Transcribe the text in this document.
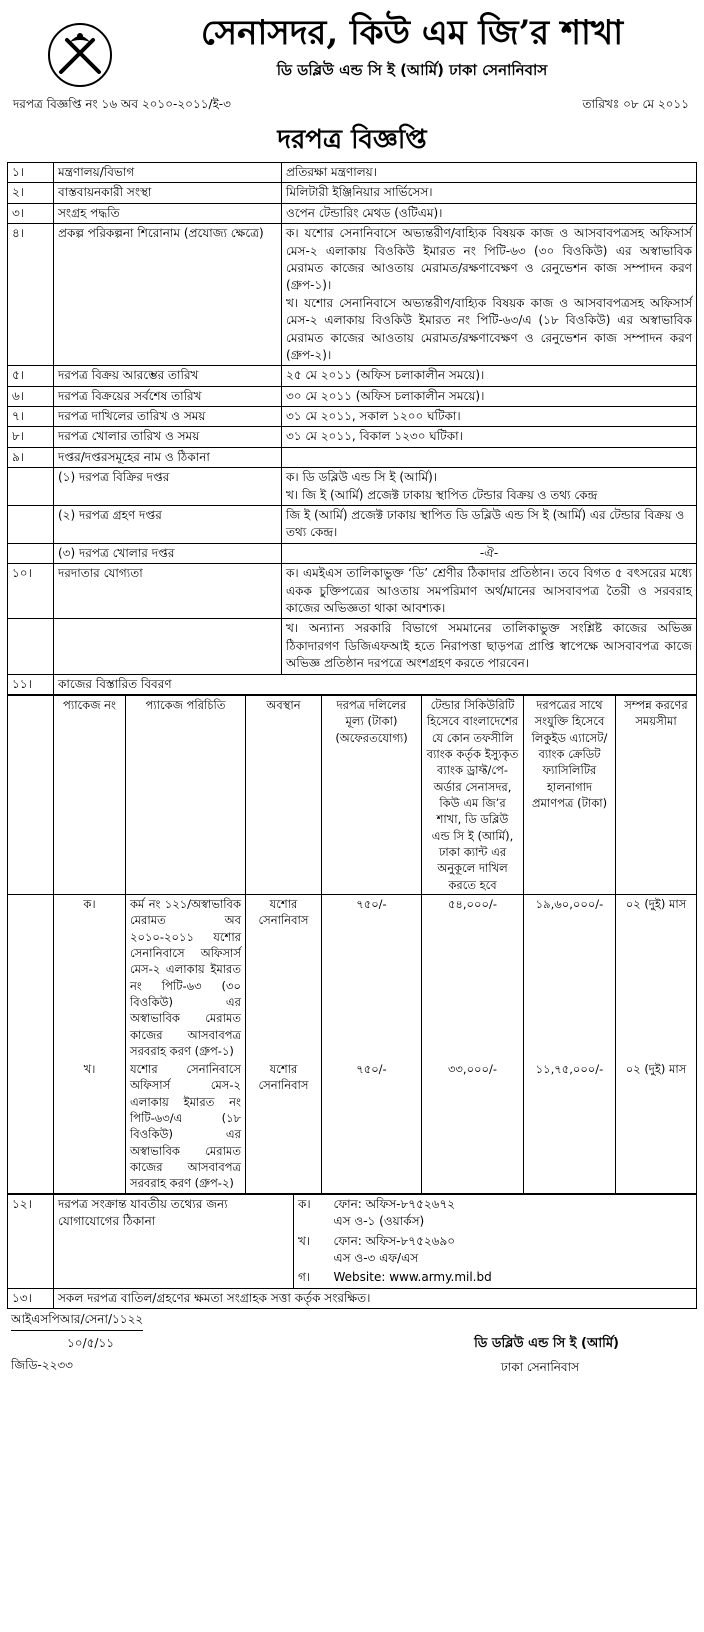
সেনাসদর, কিউ এম জি’র শাখা
ডি ডব্লিউ এন্ড সি ই (আর্মি) ঢাকা সেনানিবাস
দরপত্র বিজ্ঞপ্তি নং ১৬ অব ২০১০-২০১১/ই-৩	তারিখঃ ০৮ মে ২০১১
দরপত্র বিজ্ঞপ্তি
১।	মন্ত্রণালয়/বিভাগ	প্রতিরক্ষা মন্ত্রণালয়।
২।	বাস্তবায়নকারী সংস্থা	মিলিটারী ইঞ্জিনিয়ার সার্ভিসেস।
৩।	সংগ্রহ পদ্ধতি	ওপেন টেন্ডারিং মেথড (ওটিএম)।
৪।	প্রকল্প পরিকল্পনা শিরোনাম (প্রযোজ্য ক্ষেত্রে)	ক। যশোর সেনানিবাসে অভ্যন্তরীণ/বাহ্যিক বিষয়ক কাজ ও আসবাবপত্রসহ অফিসার্স মেস-২ এলাকায় বিওকিউ ইমারত নং পিটি-৬৩ (৩০ বিওকিউ) এর অস্বাভাবিক মেরামত কাজের আওতায় মেরামত/রক্ষণাবেক্ষণ ও রেনুভেশন কাজ সম্পাদন করণ (গ্রুপ-১)।
খ। যশোর সেনানিবাসে অভ্যন্তরীণ/বাহ্যিক বিষয়ক কাজ ও আসবাবপত্রসহ অফিসার্স মেস-২ এলাকায় বিওকিউ ইমারত নং পিটি-৬৩/এ (১৮ বিওকিউ) এর অস্বাভাবিক মেরামত কাজের আওতায় মেরামত/রক্ষণাবেক্ষণ ও রেনুভেশন কাজ সম্পাদন করণ (গ্রুপ-২)।

৫।	দরপত্র বিক্রয় আরম্ভের তারিখ	২৫ মে ২০১১ (অফিস চলাকালীন সময়ে)।
৬।	দরপত্র বিক্রয়ের সর্বশেষ তারিখ	৩০ মে ২০১১ (অফিস চলাকালীন সময়ে)।
৭।	দরপত্র দাখিলের তারিখ ও সময়	৩১ মে ২০১১, সকাল ১২০০ ঘটিকা।
৮।	দরপত্র খোলার তারিখ ও সময়	৩১ মে ২০১১, বিকাল ১২৩০ ঘটিকা।
৯।	দপ্তর/দপ্তরসমূহের নাম ও ঠিকানা	
	(১) দরপত্র বিক্রির দপ্তর	ক। ডি ডব্লিউ এন্ড সি ই (আর্মি)।
খ। জি ই (আর্মি) প্রজেক্ট ঢাকায় স্থাপিত টেন্ডার বিক্রয় ও তথ্য কেন্দ্র

	(২) দরপত্র গ্রহণ দপ্তর	জি ই (আর্মি) প্রজেক্ট ঢাকায় স্থাপিত ডি ডব্লিউ এন্ড সি ই (আর্মি) এর টেন্ডার বিক্রয় ও তথ্য কেন্দ্র।
	(৩) দরপত্র খোলার দপ্তর	-ঐ-
১০।	দরদাতার যোগ্যতা	ক। এমইএস তালিকাভুক্ত ‘ডি’ শ্রেণীর ঠিকাদার প্রতিষ্ঠান। তবে বিগত ৫ বৎসরের মধ্যে একক চুক্তিপত্রের আওতায় সমপরিমাণ অর্থ/মানের আসবাবপত্র তৈরী ও সরবরাহ কাজের অভিজ্ঞতা থাকা আবশ্যক।
		খ। অন্যান্য সরকারি বিভাগে সমমানের তালিকাভুক্ত সংশ্লিষ্ট কাজের অভিজ্ঞ ঠিকাদারগণ ডিজিএফআই হতে নিরাপত্তা ছাড়পত্র প্রাপ্তি স্বাপেক্ষে আসবাবপত্র কাজে অভিজ্ঞ প্রতিষ্ঠান দরপত্রে অংশগ্রহণ করতে পারবেন।
১১।	কাজের বিস্তারিত বিবরণ	
	প্যাকেজ নং	প্যাকেজ পরিচিতি	অবস্থান	দরপত্র দলিলের মূল্য (টাকা) (অফেরতযোগ্য)	টেন্ডার সিকিউরিটি হিসেবে বাংলাদেশের যে কোন তফসীলি ব্যাংক কর্তৃক ইস্যুকৃত ব্যাংক ড্রাফ্ট/পে-অর্ডার সেনাসদর, কিউ এম জি’র শাখা, ডি ডব্লিউ এন্ড সি ই (আর্মি), ঢাকা ক্যান্ট এর অনুকূলে দাখিল করতে হবে	দরপত্রের সাথে সংযুক্তি হিসেবে লিকুইড এ্যাসেট/ব্যাংক ক্রেডিট ফ্যাসিলিটির হালনাগাদ প্রমাণপত্র (টাকা)	সম্পন্ন করণের সময়সীমা
	ক।	কর্ম নং ১২১/অস্বাভাবিক মেরামত অব ২০১০-২০১১ যশোর সেনানিবাসে অফিসার্স মেস-২ এলাকায় ইমারত নং পিটি-৬৩ (৩০ বিওকিউ) এর অস্বাভাবিক মেরামত কাজের আসবাবপত্র সরবরাহ করণ (গ্রুপ-১)	যশোর সেনানিবাস	৭৫০/-	৫৪,০০০/-	১৯,৬০,০০০/-	০২ (দুই) মাস
	খ।	যশোর সেনানিবাসে অফিসার্স মেস-২ এলাকায় ইমারত নং পিটি-৬৩/এ (১৮ বিওকিউ) এর অস্বাভাবিক মেরামত কাজের আসবাবপত্র সরবরাহ করণ (গ্রুপ-২)	যশোর সেনানিবাস	৭৫০/-	৩৩,০০০/-	১১,৭৫,০০০/-	০২ (দুই) মাস
১২।	দরপত্র সংক্রান্ত যাবতীয় তথ্যের জন্য যোগাযোগের ঠিকানা	ক।	ফোন: অফিস-৮৭৫২৬৭২
এস ও-১ (ওয়ার্কস)

		খ।	ফোন: অফিস-৮৭৫২৬৯০
এস ও-৩ এফ/এস

		গ।	Website: www.army.mil.bd
১৩।	সকল দরপত্র বাতিল/গ্রহণের ক্ষমতা সংগ্রাহক সত্তা কর্তৃক সংরক্ষিত।		
আইএসপিআর/সেনা/১১২২
১০/৫/১১
জিডি-২২৩৩
ডি ডব্লিউ এন্ড সি ই (আর্মি)
ঢাকা সেনানিবাস
